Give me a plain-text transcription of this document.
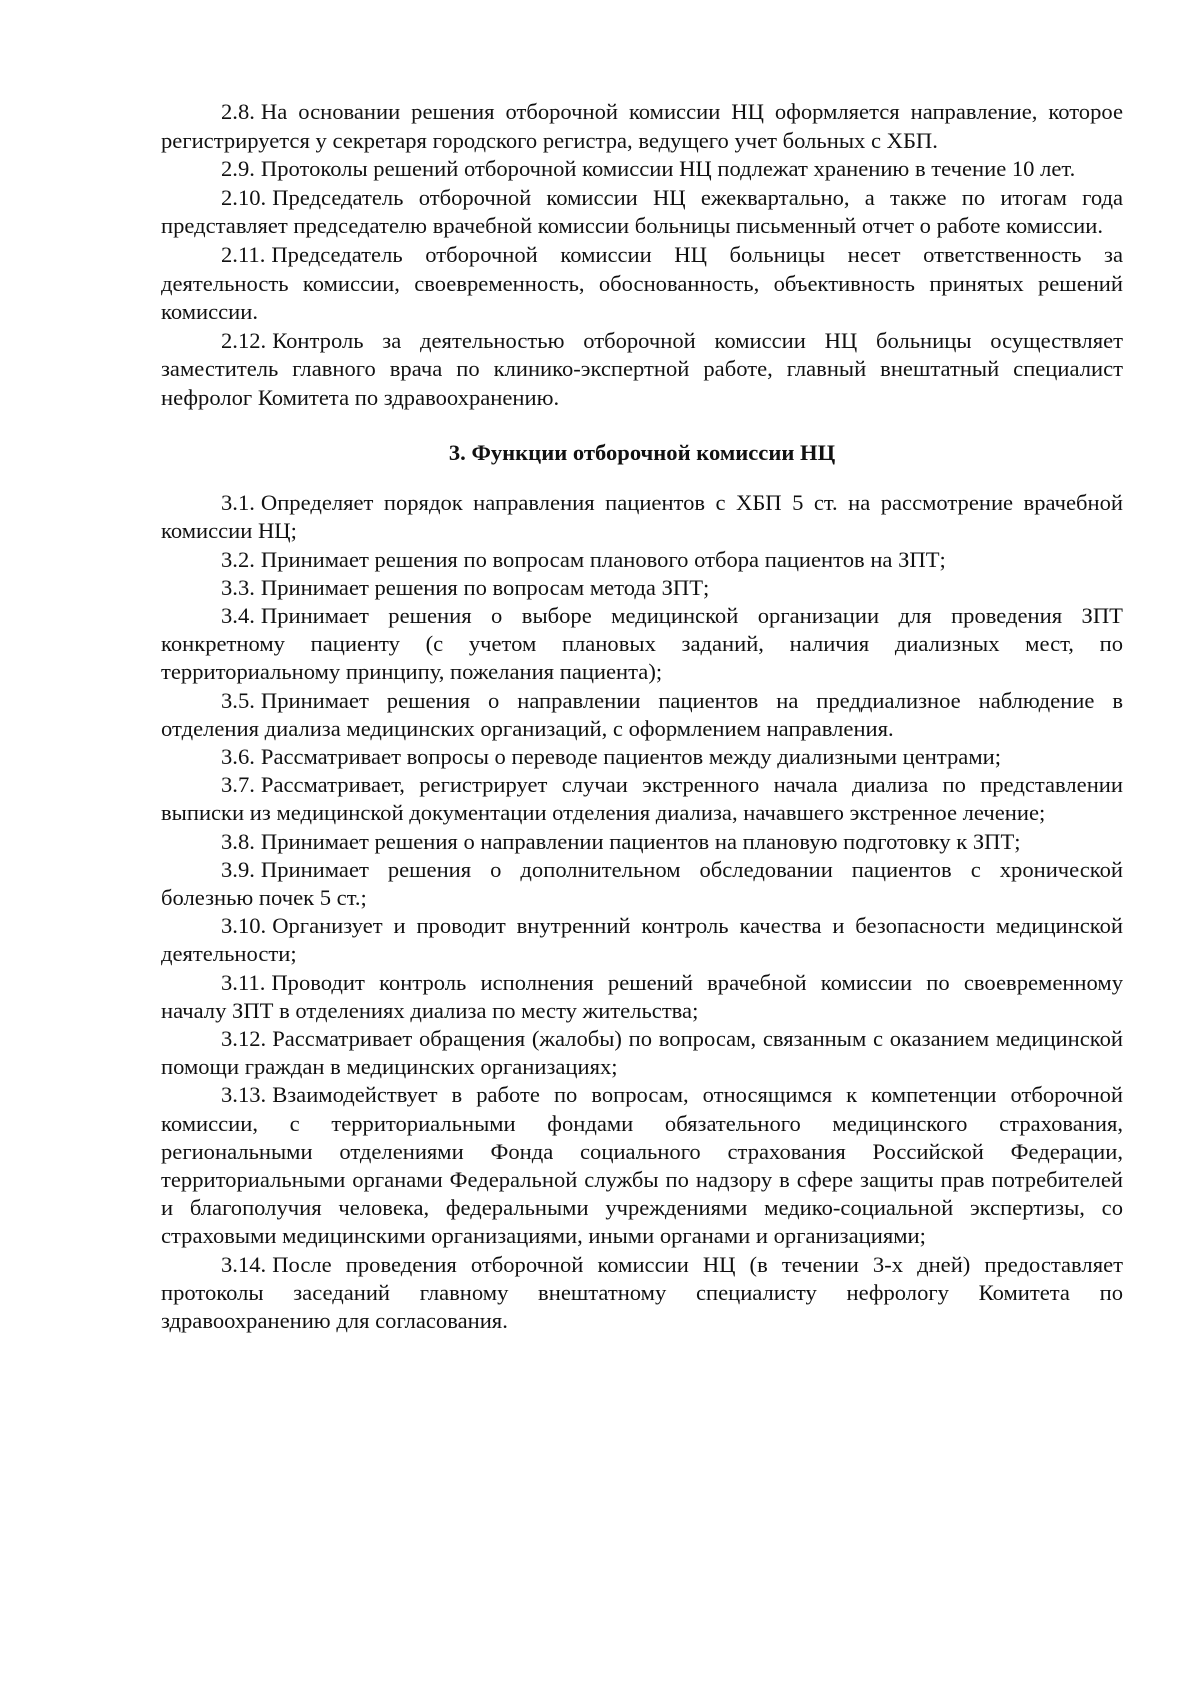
2.8. На основании решения отборочной комиссии НЦ оформляется направление, которое регистрируется у секретаря городского регистра, ведущего учет больных с ХБП.

2.9. Протоколы решений отборочной комиссии НЦ подлежат хранению в течение 10 лет.

2.10. Председатель отборочной комиссии НЦ ежеквартально, а также по итогам года представляет председателю врачебной комиссии больницы письменный отчет о работе комиссии.

2.11. Председатель отборочной комиссии НЦ больницы несет ответственность за деятельность комиссии, своевременность, обоснованность, объективность принятых решений комиссии.

2.12. Контроль за деятельностью отборочной комиссии НЦ больницы осуществляет заместитель главного врача по клинико-экспертной работе, главный внештатный специалист нефролог Комитета по здравоохранению.

3. Функции отборочной комиссии НЦ

3.1. Определяет порядок направления пациентов с ХБП 5 ст. на рассмотрение врачебной комиссии НЦ;

3.2. Принимает решения по вопросам планового отбора пациентов на ЗПТ;

3.3. Принимает решения по вопросам метода ЗПТ;

3.4. Принимает решения о выборе медицинской организации для проведения ЗПТ конкретному пациенту (с учетом плановых заданий, наличия диализных мест, по территориальному принципу, пожелания пациента);

3.5. Принимает решения о направлении пациентов на преддиализное наблюдение в отделения диализа медицинских организаций, с оформлением направления.

3.6. Рассматривает вопросы о переводе пациентов между диализными центрами;

3.7. Рассматривает, регистрирует случаи экстренного начала диализа по представлении выписки из медицинской документации отделения диализа, начавшего экстренное лечение;

3.8. Принимает решения о направлении пациентов на плановую подготовку к ЗПТ;

3.9. Принимает решения о дополнительном обследовании пациентов с хронической болезнью почек 5 ст.;

3.10. Организует и проводит внутренний контроль качества и безопасности медицинской деятельности;

3.11. Проводит контроль исполнения решений врачебной комиссии по своевременному началу ЗПТ в отделениях диализа по месту жительства;

3.12. Рассматривает обращения (жалобы) по вопросам, связанным с оказанием медицинской помощи граждан в медицинских организациях;

3.13. Взаимодействует в работе по вопросам, относящимся к компетенции отборочной комиссии, с территориальными фондами обязательного медицинского страхования, региональными отделениями Фонда социального страхования Российской Федерации, территориальными органами Федеральной службы по надзору в сфере защиты прав потребителей и благополучия человека, федеральными учреждениями медико-социальной экспертизы, со страховыми медицинскими организациями, иными органами и организациями;

3.14. После проведения отборочной комиссии НЦ (в течении 3-х дней) предоставляет протоколы заседаний главному внештатному специалисту нефрологу Комитета по здравоохранению для согласования.
